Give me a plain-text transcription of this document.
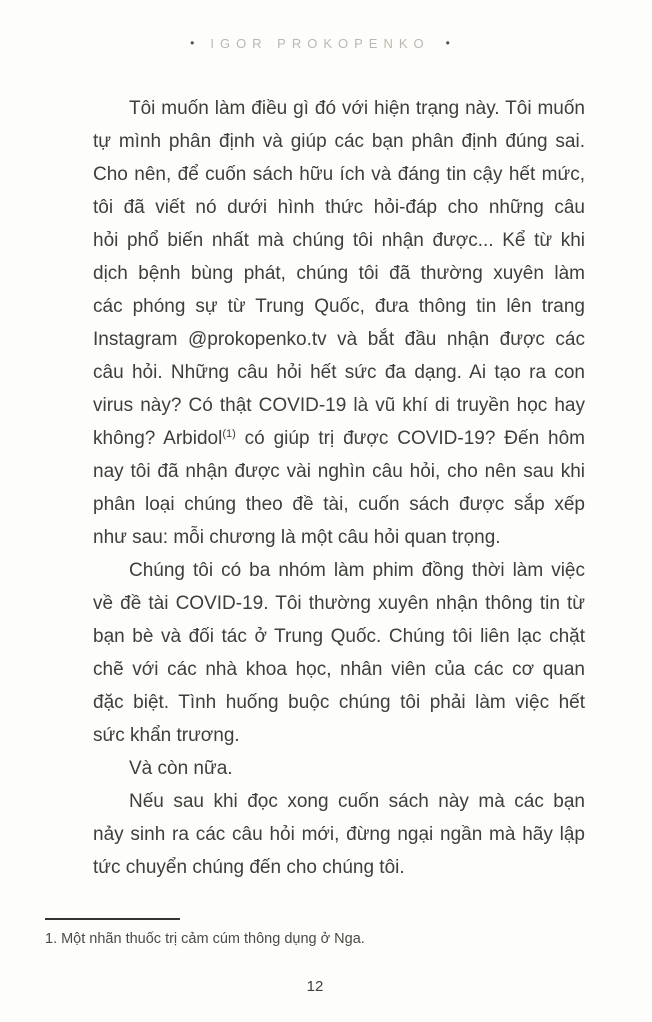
• IGOR PROKOPENKO •
Tôi muốn làm điều gì đó với hiện trạng này. Tôi muốn
tự mình phân định và giúp các bạn phân định đúng sai.
Cho nên, để cuốn sách hữu ích và đáng tin cậy hết mức,
tôi đã viết nó dưới hình thức hỏi-đáp cho những câu
hỏi phổ biến nhất mà chúng tôi nhận được... Kể từ khi
dịch bệnh bùng phát, chúng tôi đã thường xuyên làm
các phóng sự từ Trung Quốc, đưa thông tin lên trang
Instagram @prokopenko.tv và bắt đầu nhận được các
câu hỏi. Những câu hỏi hết sức đa dạng. Ai tạo ra con
virus này? Có thật COVID-19 là vũ khí di truyền học hay
không? Arbidol$^{(1)}$ có giúp trị được COVID-19? Đến hôm
nay tôi đã nhận được vài nghìn câu hỏi, cho nên sau khi
phân loại chúng theo đề tài, cuốn sách được sắp xếp
như sau: mỗi chương là một câu hỏi quan trọng.
Chúng tôi có ba nhóm làm phim đồng thời làm việc
về đề tài COVID-19. Tôi thường xuyên nhận thông tin từ
bạn bè và đối tác ở Trung Quốc. Chúng tôi liên lạc chặt
chẽ với các nhà khoa học, nhân viên của các cơ quan
đặc biệt. Tình huống buộc chúng tôi phải làm việc hết
sức khẩn trương.
Và còn nữa.
Nếu sau khi đọc xong cuốn sách này mà các bạn
nảy sinh ra các câu hỏi mới, đừng ngại ngần mà hãy lập
tức chuyển chúng đến cho chúng tôi.
1. Một nhãn thuốc trị cảm cúm thông dụng ở Nga.
12
